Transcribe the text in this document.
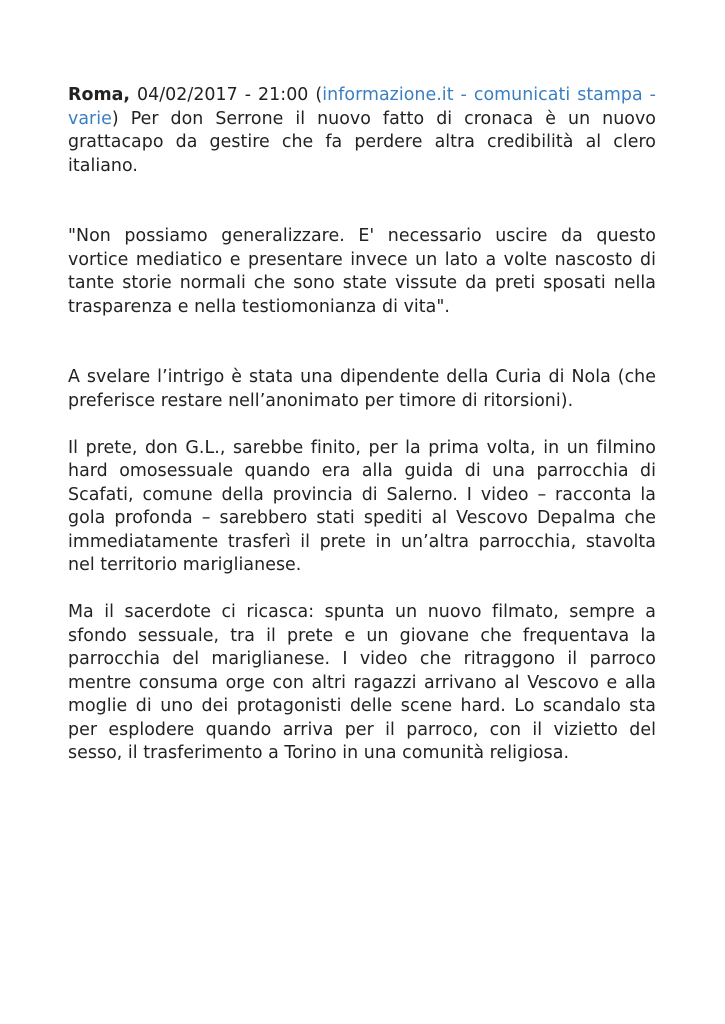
Roma, 04/02/2017 - 21:00 (informazione.it - comunicati stampa - varie) Per don Serrone il nuovo fatto di cronaca è un nuovo grattacapo da gestire che fa perdere altra credibilità al clero italiano.

"Non possiamo generalizzare. E' necessario uscire da questo vortice mediatico e presentare invece un lato a volte nascosto di tante storie normali che sono state vissute da preti sposati nella trasparenza e nella testiomonianza di vita".

A svelare l’intrigo è stata una dipendente della Curia di Nola (che preferisce restare nell’anonimato per timore di ritorsioni).

Il prete, don G.L., sarebbe finito, per la prima volta, in un filmino hard omosessuale quando era alla guida di una parrocchia di Scafati, comune della provincia di Salerno. I video – racconta la gola profonda – sarebbero stati spediti al Vescovo Depalma che immediatamente trasferì il prete in un’altra parrocchia, stavolta nel territorio mariglianese.

Ma il sacerdote ci ricasca: spunta un nuovo filmato, sempre a sfondo sessuale, tra il prete e un giovane che frequentava la parrocchia del mariglianese. I video che ritraggono il parroco mentre consuma orge con altri ragazzi arrivano al Vescovo e alla moglie di uno dei protagonisti delle scene hard. Lo scandalo sta per esplodere quando arriva per il parroco, con il vizietto del sesso, il trasferimento a Torino in una comunità religiosa.
